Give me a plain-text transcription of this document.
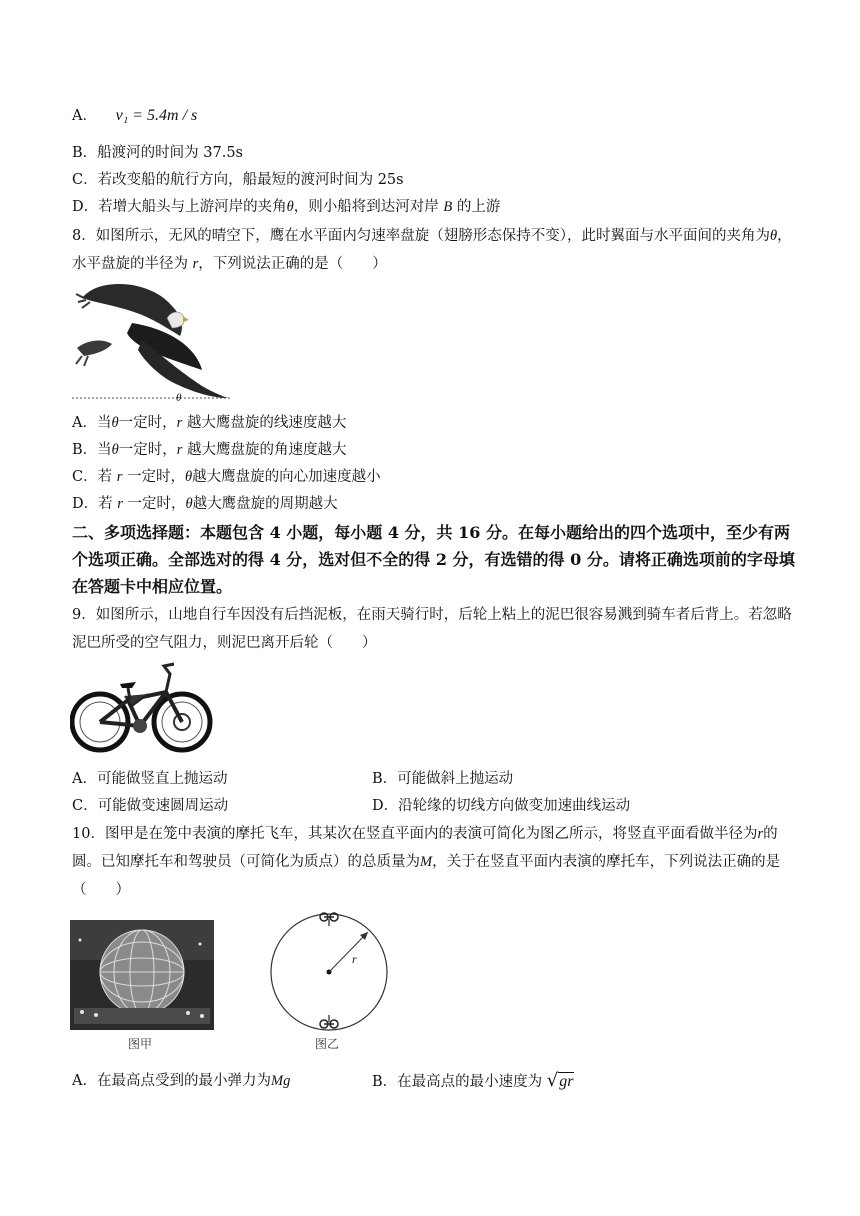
A． v₁ = 5.4m / s
B．船渡河的时间为 37.5s
C．若改变船的航行方向，船最短的渡河时间为 25s
D．若增大船头与上游河岸的夹角θ，则小船将到达河对岸 B 的上游
8．如图所示，无风的晴空下，鹰在水平面内匀速率盘旋（翅膀形态保持不变），此时翼面与水平面间的夹角为θ，水平盘旋的半径为 r，下列说法正确的是（　　）
θ
A．当θ一定时，r 越大鹰盘旋的线速度越大
B．当θ一定时，r 越大鹰盘旋的角速度越大
C．若 r 一定时，θ越大鹰盘旋的向心加速度越小
D．若 r 一定时，θ越大鹰盘旋的周期越大
二、多项选择题：本题包含 4 小题，每小题 4 分，共 16 分。在每小题给出的四个选项中，至少有两个选项正确。全部选对的得 4 分，选对但不全的得 2 分，有选错的得 0 分。请将正确选项前的字母填在答题卡中相应位置。
9．如图所示，山地自行车因没有后挡泥板，在雨天骑行时，后轮上粘上的泥巴很容易溅到骑车者后背上。若忽略泥巴所受的空气阻力，则泥巴离开后轮（　　）
A．可能做竖直上抛运动	B．可能做斜上抛运动
C．可能做变速圆周运动	D．沿轮缘的切线方向做变加速曲线运动
10．图甲是在笼中表演的摩托飞车，其某次在竖直平面内的表演可简化为图乙所示，将竖直平面看做半径为r的圆。已知摩托车和驾驶员（可简化为质点）的总质量为M，关于在竖直平面内表演的摩托车，下列说法正确的是（　　）
图甲
r
图乙
A．在最高点受到的最小弹力为Mg	B．在最高点的最小速度为 √gr
